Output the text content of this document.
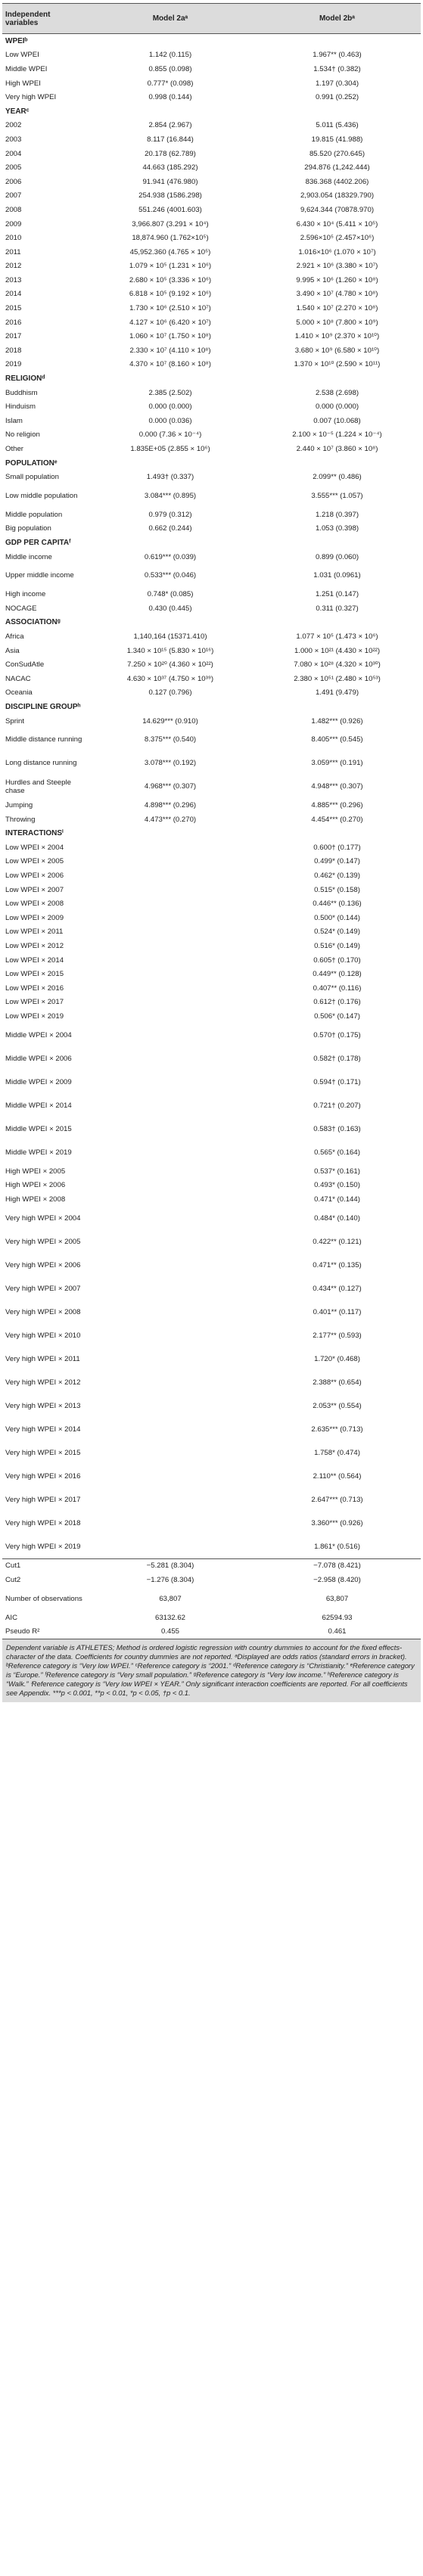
Independent variables	Model 2aᵃ	Model 2bᵃ
WPEIᵇ		
Low WPEI	1.142 (0.115)	1.967** (0.463)
Middle WPEI	0.855 (0.098)	1.534† (0.382)
High WPEI	0.777* (0.098)	1.197 (0.304)
Very high WPEI	0.998 (0.144)	0.991 (0.252)
YEARᶜ		
2002	2.854 (2.967)	5.011 (5.436)
2003	8.117 (16.844)	19.815 (41.988)
2004	20.178 (62.789)	85.520 (270.645)
2005	44.663 (185.292)	294.876 (1,242.444)
2006	91.941 (476.980)	836.368 (4402.206)
2007	254.938 (1586.298)	2,903.054 (18329.790)
2008	551.246 (4001.603)	9,624.344 (70878.970)
2009	3,966.807 (3.291 × 10⁴)	6.430 × 10⁴ (5.411 × 10⁵)
2010	18,874.960 (1.762×10⁵)	2.596×10⁵ (2.457×10⁶)
2011	45,952.360 (4.765 × 10⁵)	1.016×10⁶ (1.070 × 10⁷)
2012	1.079 × 10⁵ (1.231 × 10⁶)	2.921 × 10⁶ (3.380 × 10⁷)
2013	2.680 × 10⁵ (3.336 × 10⁶)	9.995 × 10⁶ (1.260 × 10⁸)
2014	6.818 × 10⁵ (9.192 × 10⁶)	3.490 × 10⁷ (4.780 × 10⁸)
2015	1.730 × 10⁶ (2.510 × 10⁷)	1.540 × 10⁷ (2.270 × 10⁸)
2016	4.127 × 10⁶ (6.420 × 10⁷)	5.000 × 10⁸ (7.800 × 10⁹)
2017	1.060 × 10⁷ (1.750 × 10⁸)	1.410 × 10⁹ (2.370 × 10¹⁰)
2018	2.330 × 10⁷ (4.110 × 10⁸)	3.680 × 10⁹ (6.580 × 10¹⁰)
2019	4.370 × 10⁷ (8.160 × 10⁸)	1.370 × 10¹⁰ (2.590 × 10¹¹)
RELIGIONᵈ		
Buddhism	2.385 (2.502)	2.538 (2.698)
Hinduism	0.000 (0.000)	0.000 (0.000)
Islam	0.000 (0.036)	0.007 (10.068)
No religion	0.000 (7.36 × 10⁻⁴)	2.100 × 10⁻⁵ (1.224 × 10⁻⁴)
Other	1.835E+05 (2.855 × 10⁶)	2.440 × 10⁷ (3.860 × 10⁸)
POPULATIONᵉ		
Small population	1.493† (0.337)	2.099** (0.486)
Low middle population	3.084*** (0.895)	3.555*** (1.057)
Middle population	0.979 (0.312)	1.218 (0.397)
Big population	0.662 (0.244)	1.053 (0.398)
GDP PER CAPITAᶠ		
Middle income	0.619*** (0.039)	0.899 (0.060)
Upper middle income	0.533*** (0.046)	1.031 (0.0961)
High income	0.748* (0.085)	1.251 (0.147)
NOCAGE	0.430 (0.445)	0.311 (0.327)
ASSOCIATIONᵍ		
Africa	1,140,164 (15371.410)	1.077 × 10⁵ (1.473 × 10⁶)
Asia	1.340 × 10¹⁵ (5.830 × 10¹⁶)	1.000 × 10²¹ (4.430 × 10²²)
ConSudAtle	7.250 × 10²⁰ (4.360 × 10²²)	7.080 × 10²⁸ (4.320 × 10³⁰)
NACAC	4.630 × 10³⁷ (4.750 × 10³⁹)	2.380 × 10⁵¹ (2.480 × 10⁵³)
Oceania	0.127 (0.796)	1.491 (9.479)
DISCIPLINE GROUPʰ		
Sprint	14.629*** (0.910)	1.482*** (0.926)
Middle distance running	8.375*** (0.540)	8.405*** (0.545)
Long distance running	3.078*** (0.192)	3.059*** (0.191)
Hurdles and Steeple chase	4.968*** (0.307)	4.948*** (0.307)
Jumping	4.898*** (0.296)	4.885*** (0.296)
Throwing	4.473*** (0.270)	4.454*** (0.270)
INTERACTIONSⁱ		
Low WPEI × 2004		0.600† (0.177)
Low WPEI × 2005		0.499* (0.147)
Low WPEI × 2006		0.462* (0.139)
Low WPEI × 2007		0.515* (0.158)
Low WPEI × 2008		0.446** (0.136)
Low WPEI × 2009		0.500* (0.144)
Low WPEI × 2011		0.524* (0.149)
Low WPEI × 2012		0.516* (0.149)
Low WPEI × 2014		0.605† (0.170)
Low WPEI × 2015		0.449** (0.128)
Low WPEI × 2016		0.407** (0.116)
Low WPEI × 2017		0.612† (0.176)
Low WPEI × 2019		0.506* (0.147)
Middle WPEI × 2004		0.570† (0.175)
Middle WPEI × 2006		0.582† (0.178)
Middle WPEI × 2009		0.594† (0.171)
Middle WPEI × 2014		0.721† (0.207)
Middle WPEI × 2015		0.583† (0.163)
Middle WPEI × 2019		0.565* (0.164)
High WPEI × 2005		0.537* (0.161)
High WPEI × 2006		0.493* (0.150)
High WPEI × 2008		0.471* (0.144)
Very high WPEI × 2004		0.484* (0.140)
Very high WPEI × 2005		0.422** (0.121)
Very high WPEI × 2006		0.471** (0.135)
Very high WPEI × 2007		0.434** (0.127)
Very high WPEI × 2008		0.401** (0.117)
Very high WPEI × 2010		2.177** (0.593)
Very high WPEI × 2011		1.720* (0.468)
Very high WPEI × 2012		2.388** (0.654)
Very high WPEI × 2013		2.053** (0.554)
Very high WPEI × 2014		2.635*** (0.713)
Very high WPEI × 2015		1.758* (0.474)
Very high WPEI × 2016		2.110** (0.564)
Very high WPEI × 2017		2.647*** (0.713)
Very high WPEI × 2018		3.360*** (0.926)
Very high WPEI × 2019		1.861* (0.516)
Cut1	−5.281 (8.304)	−7.078 (8.421)
Cut2	−1.276 (8.304)	−2.958 (8.420)
Number of observations	63,807	63,807
AIC	63132.62	62594.93
Pseudo R²	0.455	0.461

Dependent variable is ATHLETES; Method is ordered logistic regression with country dummies to account for the fixed effects-character of the data. Coefficients for country dummies are not reported. ᵃDisplayed are odds ratios (standard errors in bracket). ᵇReference category is “Very low WPEI.” ᶜReference category is “2001.” ᵈReference category is “Christianity.” ᵉReference category is “Europe.” ᶠReference category is “Very small population.” ᵍReference category is “Very low income.” ʰReference category is “Walk.” ⁱReference category is “Very low WPEI × YEAR.” Only significant interaction coefficients are reported. For all coefficients see Appendix. ***p < 0.001, **p < 0.01, *p < 0.05, †p < 0.1.
